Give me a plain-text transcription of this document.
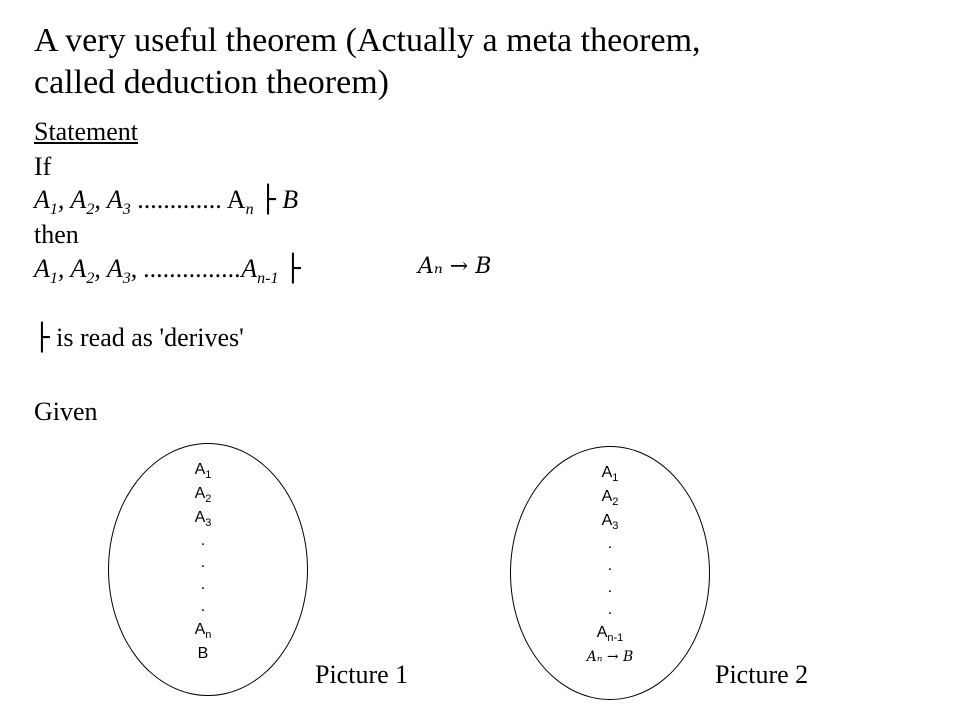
A very useful theorem (Actually a meta theorem, called deduction theorem)
Statement
If
$A_1$, $A_2$, $A_3$ ............. $A_n$ ├ B
then
$A_1$, $A_2$, $A_3$, $...............A_{n-1}$ ├	Aₙ → B
├ is read as 'derives'
Given
$A_1$
$A_2$
$A_3$
.
.
.
.
$A_n$
B
Picture 1
$A_1$
$A_2$
$A_3$
.
.
.
.
$A_{n-1}$
Aₙ → B
Picture 2
